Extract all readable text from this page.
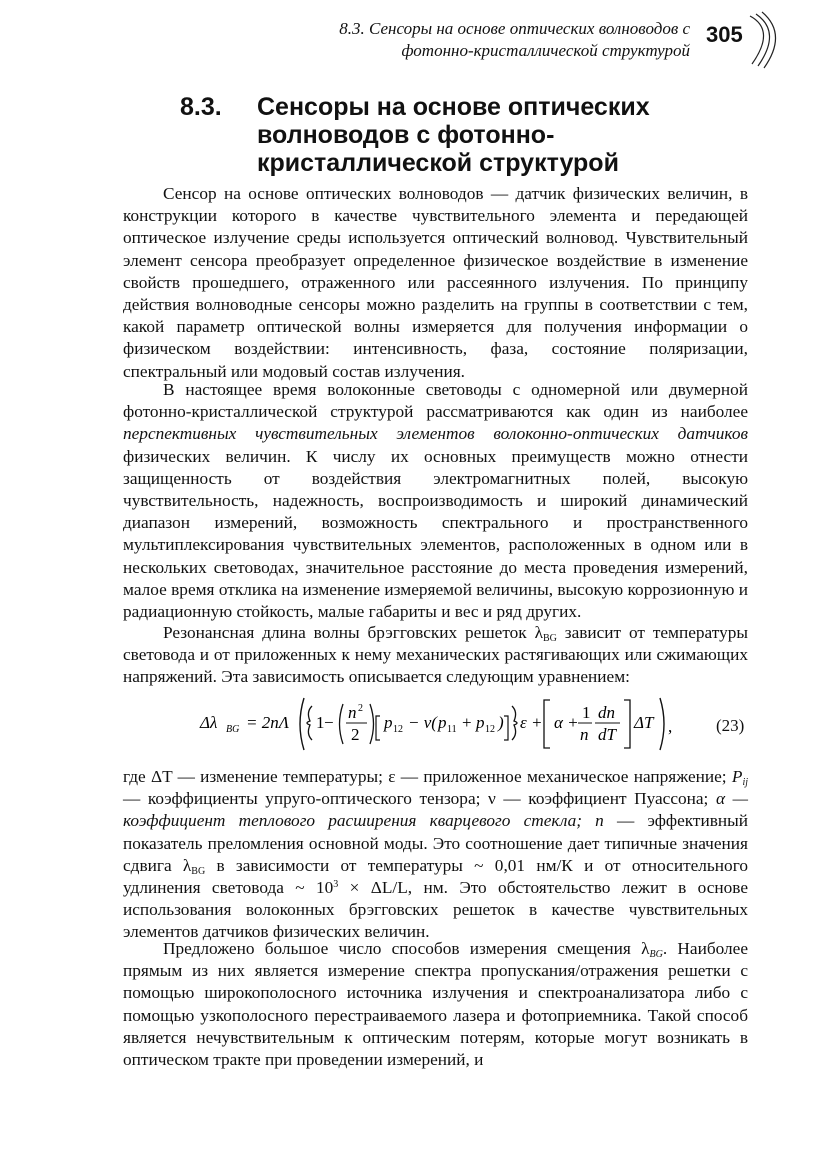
8.3. Сенсоры на основе оптических волноводов с
фотонно-кристаллической структурой
305
8.3. Сенсоры на основе оптических волноводов с фотонно-кристаллической структурой

Сенсор на основе оптических волноводов — датчик физических величин, в конструкции которого в качестве чувствительного элемента и передающей оптическое излучение среды используется оптический волновод. Чувствительный элемент сенсора преобразует определенное физическое воздействие в изменение свойств прошедшего, отраженного или рассеянного излучения. По принципу действия волноводные сенсоры можно разделить на группы в соответствии с тем, какой параметр оптической волны измеряется для получения информации о физическом воздействии: интенсивность, фаза, состояние поляризации, спектральный или модовый состав излучения.

В настоящее время волоконные световоды с одномерной или двумерной фотонно-кристаллической структурой рассматриваются как один из наиболее перспективных чувствительных элементов волоконно-оптических датчиков физических величин. К числу их основных преимуществ можно отнести защищенность от воздействия электромагнитных полей, высокую чувствительность, надежность, воспроизводимость и широкий динамический диапазон измерений, возможность спектрального и пространственного мультиплексирования чувствительных элементов, расположенных в одном или в нескольких световодах, значительное расстояние до места проведения измерений, малое время отклика на изменение измеряемой величины, высокую коррозионную и радиационную стойкость, малые габариты и вес и ряд других.

Резонансная длина волны брэгговских решеток $\lambda_{BG}$ зависит от температуры световода и от приложенных к нему механических растягивающих или сжимающих напряжений. Эта зависимость описывается следующим уравнением:

Δλ BG = 2nΛ 1 −
n 2
2
p 12 − ν( p 11 + p 12 ) ε + α +
1
n
dn
dT
ΔT ,	(23)

где ΔT — изменение температуры; ε — приложенное механическое напряжение; $P_{ij}$ — коэффициенты упруго-оптического тензора; ν — коэффициент Пуассона; α — коэффициент теплового расширения кварцевого стекла; n — эффективный показатель преломления основной моды. Это соотношение дает типичные значения сдвига $\lambda_{BG}$ в зависимости от температуры ~ 0,01 нм/К и от относительного удлинения световода ~ $10^3 \times \Delta L/L$, нм. Это обстоятельство лежит в основе использования волоконных брэгговских решеток в качестве чувствительных элементов датчиков физических величин.

Предложено большое число способов измерения смещения $\lambda_{BG}$. Наиболее прямым из них является измерение спектра пропускания/отражения решетки с помощью широкополосного источника излучения и спектроанализатора либо с помощью узкополосного перестраиваемого лазера и фотоприемника. Такой способ является нечувствительным к оптическим потерям, которые могут возникать в оптическом тракте при проведении измерений, и
